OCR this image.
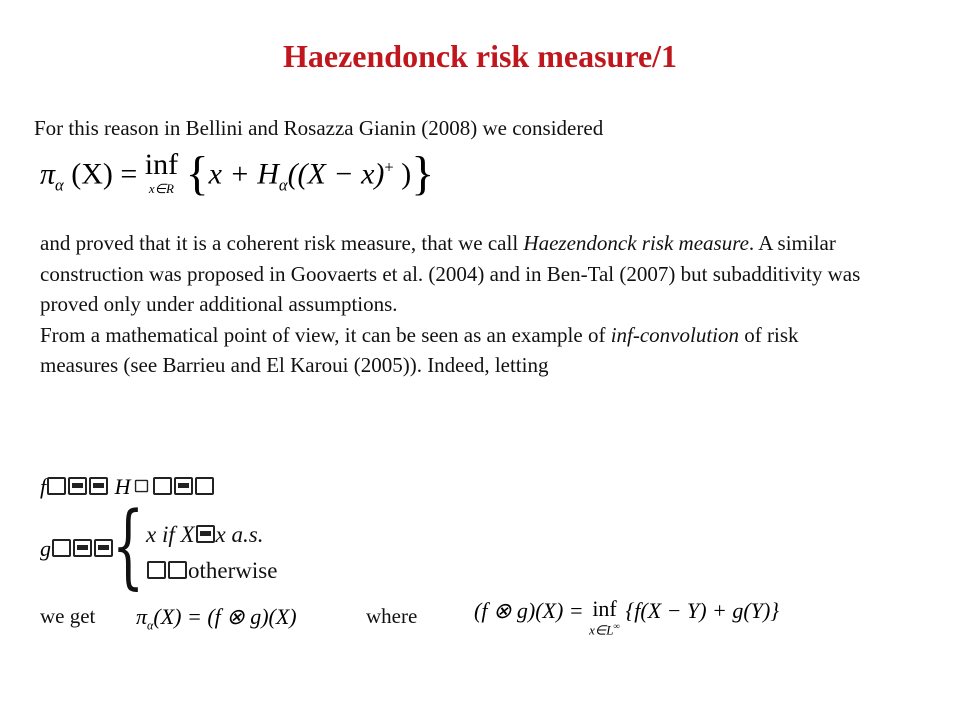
Haezendonck risk measure/1
For this reason in Bellini and Rosazza Gianin (2008) we considered
$\pi_\alpha$ (X) = inf
x∈R {$x + H_\alpha((X - x)^+$ )}

and proved that it is a coherent risk measure, that we call Haezendonck risk measure. A similar construction was proposed in Goovaerts et al. (2004) and in Ben-Tal (2007) but subadditivity was proved only under additional assumptions.

From a mathematical point of view, it can be seen as an example of inf-convolution of risk measures (see Barrieu and El Karoui (2005)). Indeed, letting

f	H
g { x if X x a.s.
otherwise
we get $\pi_\alpha(X) = (f$ ⊗ g)(X)	where	(f ⊗ g)(X) = inf
x∈L∞
{f(X − Y) + g(Y)}
